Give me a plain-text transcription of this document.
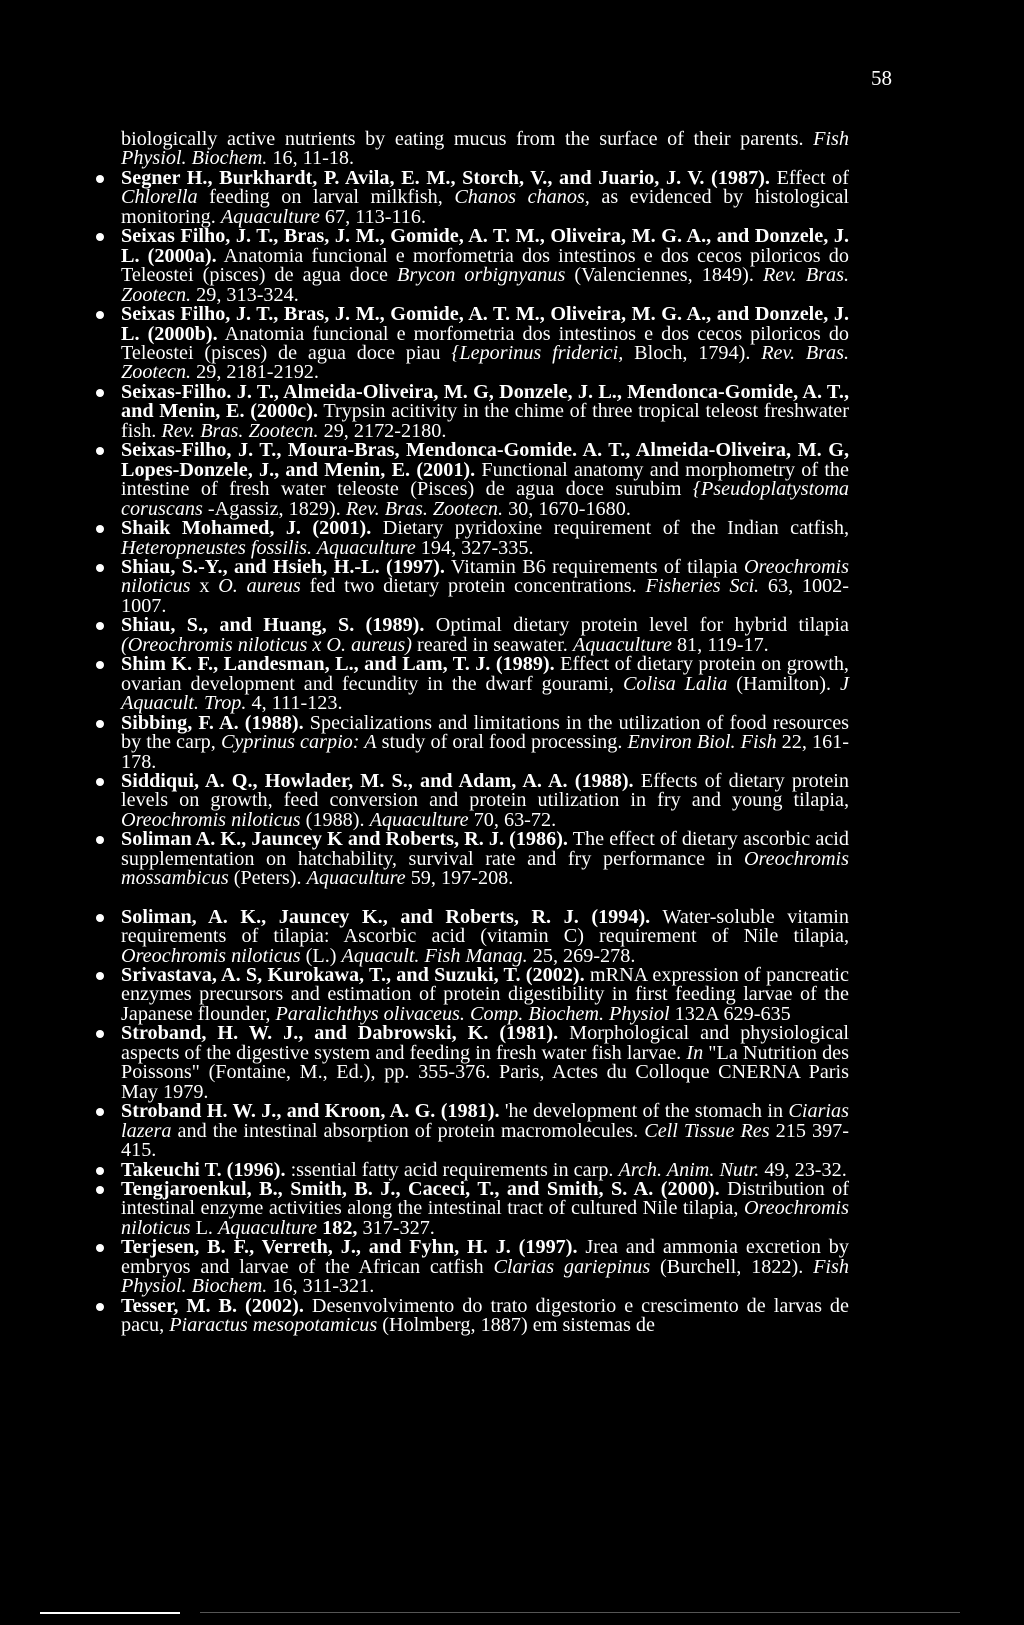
58

biologically active nutrients by eating mucus from the surface of their parents. Fish Physiol. Biochem. 16, 11-18.

Segner H., Burkhardt, P. Avila, E. M., Storch, V., and Juario, J. V. (1987). Effect of Chlorella feeding on larval milkfish, Chanos chanos, as evidenced by histological monitoring. Aquaculture 67, 113-116.

Seixas Filho, J. T., Bras, J. M., Gomide, A. T. M., Oliveira, M. G. A., and Donzele, J. L. (2000a). Anatomia funcional e morfometria dos intestinos e dos cecos piloricos do Teleostei (pisces) de agua doce Brycon orbignyanus (Valenciennes, 1849). Rev. Bras. Zootecn. 29, 313-324.

Seixas Filho, J. T., Bras, J. M., Gomide, A. T. M., Oliveira, M. G. A., and Donzele, J. L. (2000b). Anatomia funcional e morfometria dos intestinos e dos cecos piloricos do Teleostei (pisces) de agua doce piau {Leporinus friderici, Bloch, 1794). Rev. Bras. Zootecn. 29, 2181-2192.

Seixas-Filho. J. T., Almeida-Oliveira, M. G, Donzele, J. L., Mendonca-Gomide, A. T., and Menin, E. (2000c). Trypsin acitivity in the chime of three tropical teleost freshwater fish. Rev. Bras. Zootecn. 29, 2172-2180.

Seixas-Filho, J. T., Moura-Bras, Mendonca-Gomide. A. T., Almeida-Oliveira, M. G, Lopes-Donzele, J., and Menin, E. (2001). Functional anatomy and morphometry of the intestine of fresh water teleoste (Pisces) de agua doce surubim {Pseudoplatystoma coruscans -Agassiz, 1829). Rev. Bras. Zootecn. 30, 1670-1680.

Shaik Mohamed, J. (2001). Dietary pyridoxine requirement of the Indian catfish, Heteropneustes fossilis. Aquaculture 194, 327-335.

Shiau, S.-Y., and Hsieh, H.-L. (1997). Vitamin B6 requirements of tilapia Oreochromis niloticus x O. aureus fed two dietary protein concentrations. Fisheries Sci. 63, 1002-1007.

Shiau, S., and Huang, S. (1989). Optimal dietary protein level for hybrid tilapia (Oreochromis niloticus x O. aureus) reared in seawater. Aquaculture 81, 119-17.

Shim K. F., Landesman, L., and Lam, T. J. (1989). Effect of dietary protein on growth, ovarian development and fecundity in the dwarf gourami, Colisa Lalia (Hamilton). J Aquacult. Trop. 4, 111-123.

Sibbing, F. A. (1988). Specializations and limitations in the utilization of food resources by the carp, Cyprinus carpio: A study of oral food processing. Environ Biol. Fish 22, 161-178.

Siddiqui, A. Q., Howlader, M. S., and Adam, A. A. (1988). Effects of dietary protein levels on growth, feed conversion and protein utilization in fry and young tilapia, Oreochromis niloticus (1988). Aquaculture 70, 63-72.

Soliman A. K., Jauncey K and Roberts, R. J. (1986). The effect of dietary ascorbic acid supplementation on hatchability, survival rate and fry performance in Oreochromis mossambicus (Peters). Aquaculture 59, 197-208.

Soliman, A. K., Jauncey K., and Roberts, R. J. (1994). Water-soluble vitamin requirements of tilapia: Ascorbic acid (vitamin C) requirement of Nile tilapia, Oreochromis niloticus (L.) Aquacult. Fish Manag. 25, 269-278.

Srivastava, A. S, Kurokawa, T., and Suzuki, T. (2002). mRNA expression of pancreatic enzymes precursors and estimation of protein digestibility in first feeding larvae of the Japanese flounder, Paralichthys olivaceus. Comp. Biochem. Physiol 132A 629-635

Stroband, H. W. J., and Dabrowski, K. (1981). Morphological and physiological aspects of the digestive system and feeding in fresh water fish larvae. In "La Nutrition des Poissons" (Fontaine, M., Ed.), pp. 355-376. Paris, Actes du Colloque CNERNA Paris May 1979.

Stroband H. W. J., and Kroon, A. G. (1981). 'he development of the stomach in Ciarias lazera and the intestinal absorption of protein macromolecules. Cell Tissue Res 215 397-415.

Takeuchi T. (1996). :ssential fatty acid requirements in carp. Arch. Anim. Nutr. 49, 23-32.

Tengjaroenkul, B., Smith, B. J., Caceci, T., and Smith, S. A. (2000). Distribution of intestinal enzyme activities along the intestinal tract of cultured Nile tilapia, Oreochromis niloticus L. Aquaculture 182, 317-327.

Terjesen, B. F., Verreth, J., and Fyhn, H. J. (1997). Jrea and ammonia excretion by embryos and larvae of the African catfish Clarias gariepinus (Burchell, 1822). Fish Physiol. Biochem. 16, 311-321.

Tesser, M. B. (2002). Desenvolvimento do trato digestorio e crescimento de larvas de pacu, Piaractus mesopotamicus (Holmberg, 1887) em sistemas de
